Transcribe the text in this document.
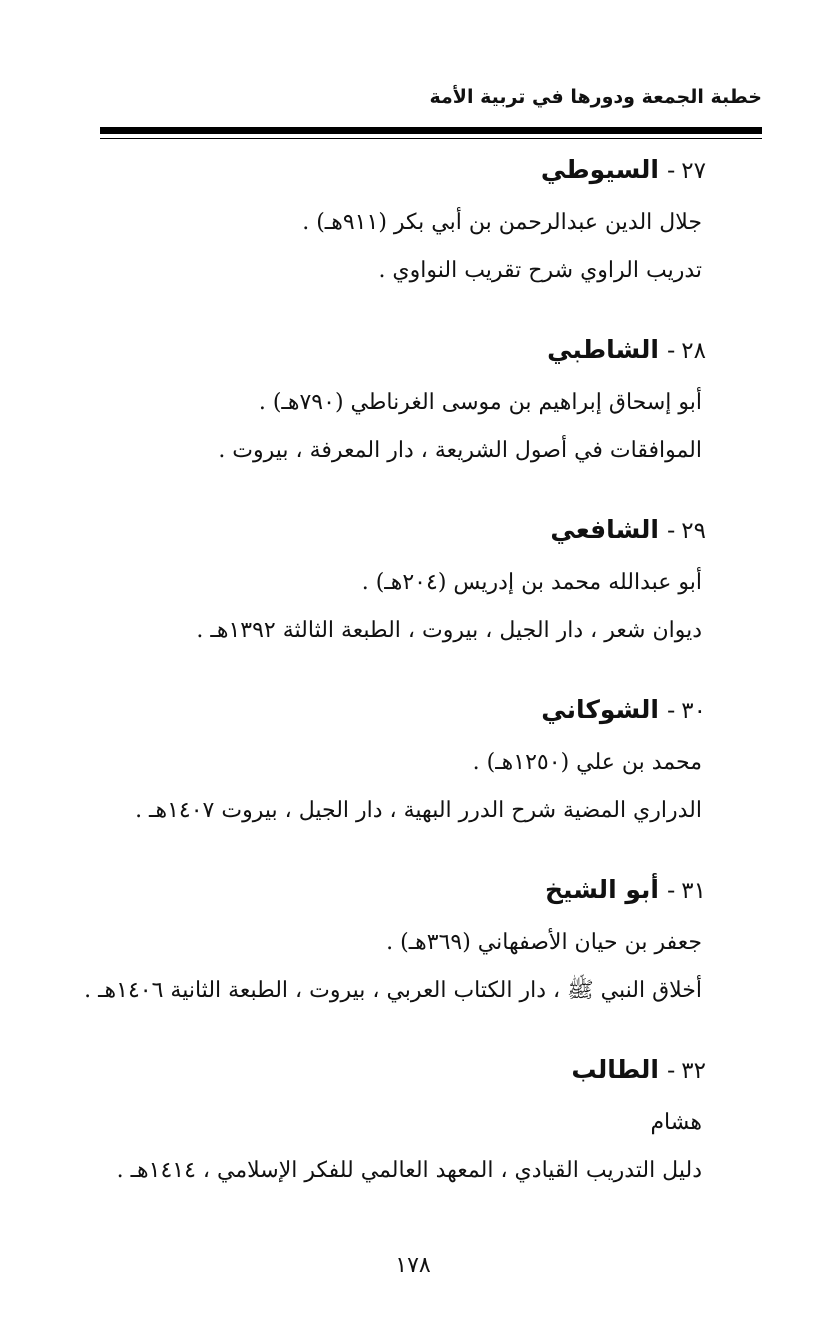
خطبة الجمعة ودورها في تربية الأمة
٢٧
-
السيوطي
جلال الدين عبدالرحمن بن أبي بكر (٩١١هـ) .
تدريب الراوي شرح تقريب النواوي .
٢٨
-
الشاطبي
أبو إسحاق إبراهيم بن موسى الغرناطي (٧٩٠هـ) .
الموافقات في أصول الشريعة ، دار المعرفة ، بيروت .
٢٩
-
الشافعي
أبو عبدالله محمد بن إدريس (٢٠٤هـ) .
ديوان شعر ، دار الجيل ، بيروت ، الطبعة الثالثة ١٣٩٢هـ .
٣٠
-
الشوكاني
محمد بن علي (١٢٥٠هـ) .
الدراري المضية شرح الدرر البهية ، دار الجيل ، بيروت ١٤٠٧هـ .
٣١
-
أبو الشيخ
جعفر بن حيان الأصفهاني (٣٦٩هـ) .
أخلاق النبي ﷺ ، دار الكتاب العربي ، بيروت ، الطبعة الثانية ١٤٠٦هـ .
٣٢
-
الطالب
هشام
دليل التدريب القيادي ، المعهد العالمي للفكر الإسلامي ، ١٤١٤هـ .
١٧٨
